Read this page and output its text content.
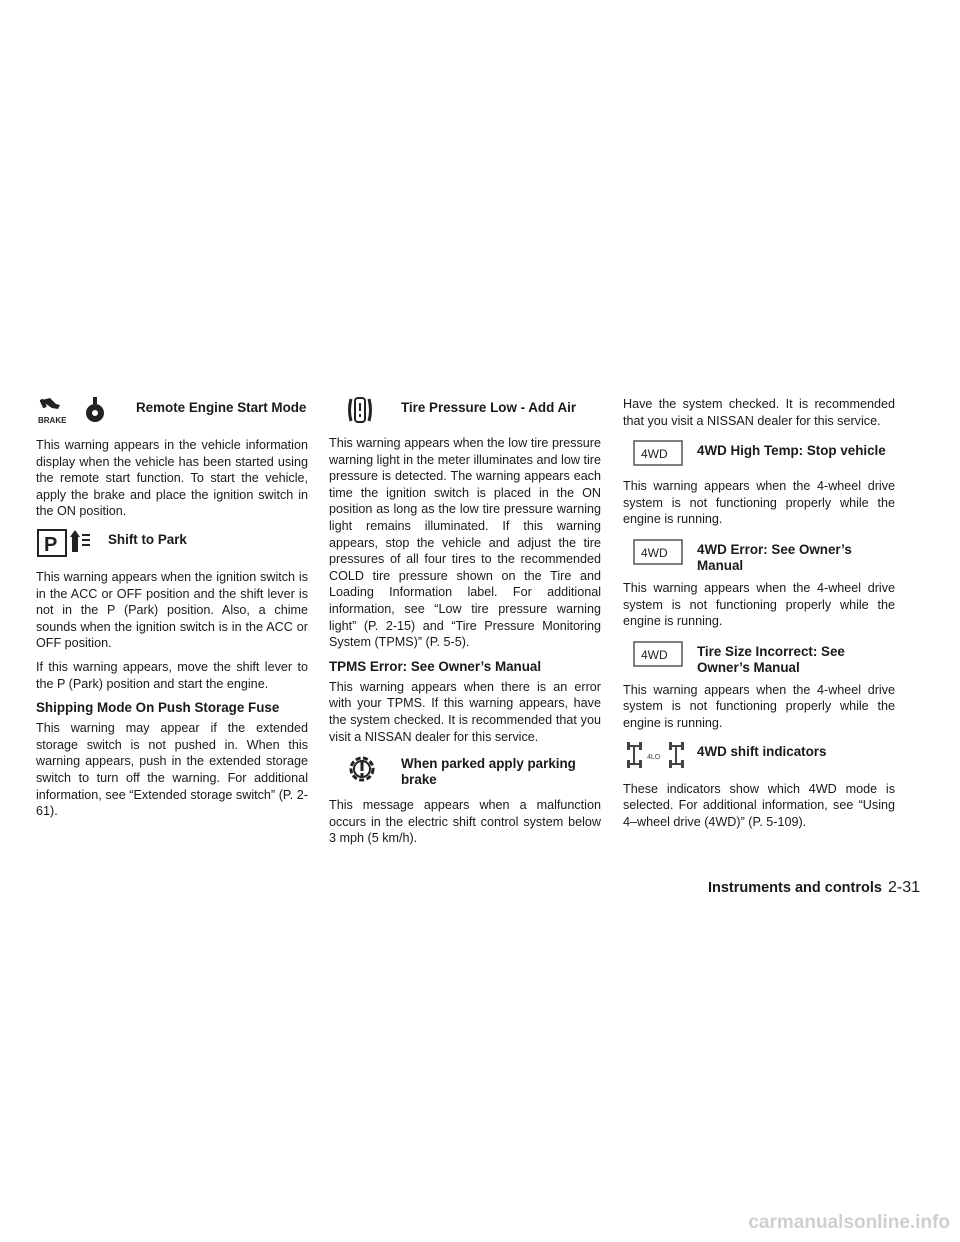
BRAKE
Remote Engine Start Mode

This warning appears in the vehicle information display when the vehicle has been started using the remote start function. To start the vehicle, apply the brake and place the ignition switch in the ON position.

P	Shift to Park

This warning appears when the ignition switch is in the ACC or OFF position and the shift lever is not in the P (Park) position. Also, a chime sounds when the ignition switch is in the ACC or OFF position.

If this warning appears, move the shift lever to the P (Park) position and start the engine.

Shipping Mode On Push Storage Fuse

This warning may appear if the extended storage switch is not pushed in. When this warning appears, push in the extended storage switch to turn off the warning. For additional information, see “Extended storage switch” (P. 2-61).

Tire Pressure Low - Add Air

This warning appears when the low tire pressure warning light in the meter illuminates and low tire pressure is detected. The warning appears each time the ignition switch is placed in the ON position as long as the low tire pressure warning light remains illuminated. If this warning appears, stop the vehicle and adjust the tire pressures of all four tires to the recommended COLD tire pressure shown on the Tire and Loading Information label. For additional information, see “Low tire pressure warning light” (P. 2-15) and “Tire Pressure Monitoring System (TPMS)” (P. 5-5).

TPMS Error: See Owner’s Manual

This warning appears when there is an error with your TPMS. If this warning appears, have the system checked. It is recommended that you visit a NISSAN dealer for this service.

When parked apply parking brake

This message appears when a malfunction occurs in the electric shift control system below 3 mph (5 km/h).

Have the system checked. It is recommended that you visit a NISSAN dealer for this service.

4WD 4WD High Temp: Stop vehicle

This warning appears when the 4-wheel drive system is not functioning properly while the engine is running.

4WD 4WD Error: See Owner’s Manual

This warning appears when the 4-wheel drive system is not functioning properly while the engine is running.

4WD Tire Size Incorrect: See Owner’s Manual

This warning appears when the 4-wheel drive system is not functioning properly while the engine is running.

4LO	4WD shift indicators

These indicators show which 4WD mode is selected. For additional information, see “Using 4–wheel drive (4WD)” (P. 5-109).

Instruments and controls 2-31
carmanualsonline.info
